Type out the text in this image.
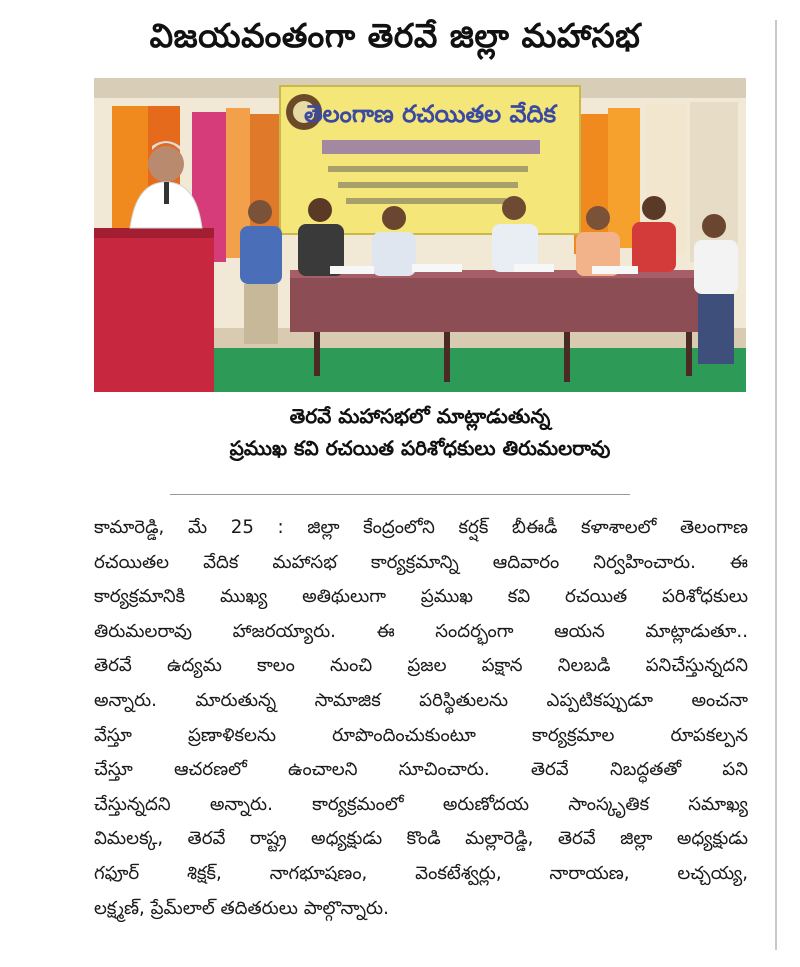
విజయవంతంగా తెరవే జిల్లా మహాసభ
తెలంగాణ రచయితల వేదిక
తెరవే మహాసభలో మాట్లాడుతున్న
ప్రముఖ కవి రచయిత పరిశోధకులు తిరుమలరావు
కామారెడ్డి, మే 25 : జిల్లా కేంద్రంలోని కర్షక్ బీఈడీ కళాశాలలో తెలంగాణ
రచయితల వేదిక మహాసభ కార్యక్రమాన్ని ఆదివారం నిర్వహించారు. ఈ
కార్యక్రమానికి ముఖ్య అతిథులుగా ప్రముఖ కవి రచయిత పరిశోధకులు
తిరుమలరావు హాజరయ్యారు. ఈ సందర్భంగా ఆయన మాట్లాడుతూ..
తెరవే ఉద్యమ కాలం నుంచి ప్రజల పక్షాన నిలబడి పనిచేస్తున్నదని
అన్నారు. మారుతున్న సామాజిక పరిస్థితులను ఎప్పటికప్పుడూ అంచనా
వేస్తూ ప్రణాళికలను రూపొందించుకుంటూ కార్యక్రమాల రూపకల్పన
చేస్తూ ఆచరణలో ఉంచాలని సూచించారు. తెరవే నిబద్ధతతో పని
చేస్తున్నదని అన్నారు. కార్యక్రమంలో అరుణోదయ సాంస్కృతిక సమాఖ్య
విమలక్క, తెరవే రాష్ట్ర అధ్యక్షుడు కొండి మల్లారెడ్డి, తెరవే జిల్లా అధ్యక్షుడు
గఫూర్ శిక్షక్, నాగభూషణం, వెంకటేశ్వర్లు, నారాయణ, లచ్చయ్య,
లక్ష్మణ్, ప్రేమ్‌లాల్ తదితరులు పాల్గొన్నారు.
